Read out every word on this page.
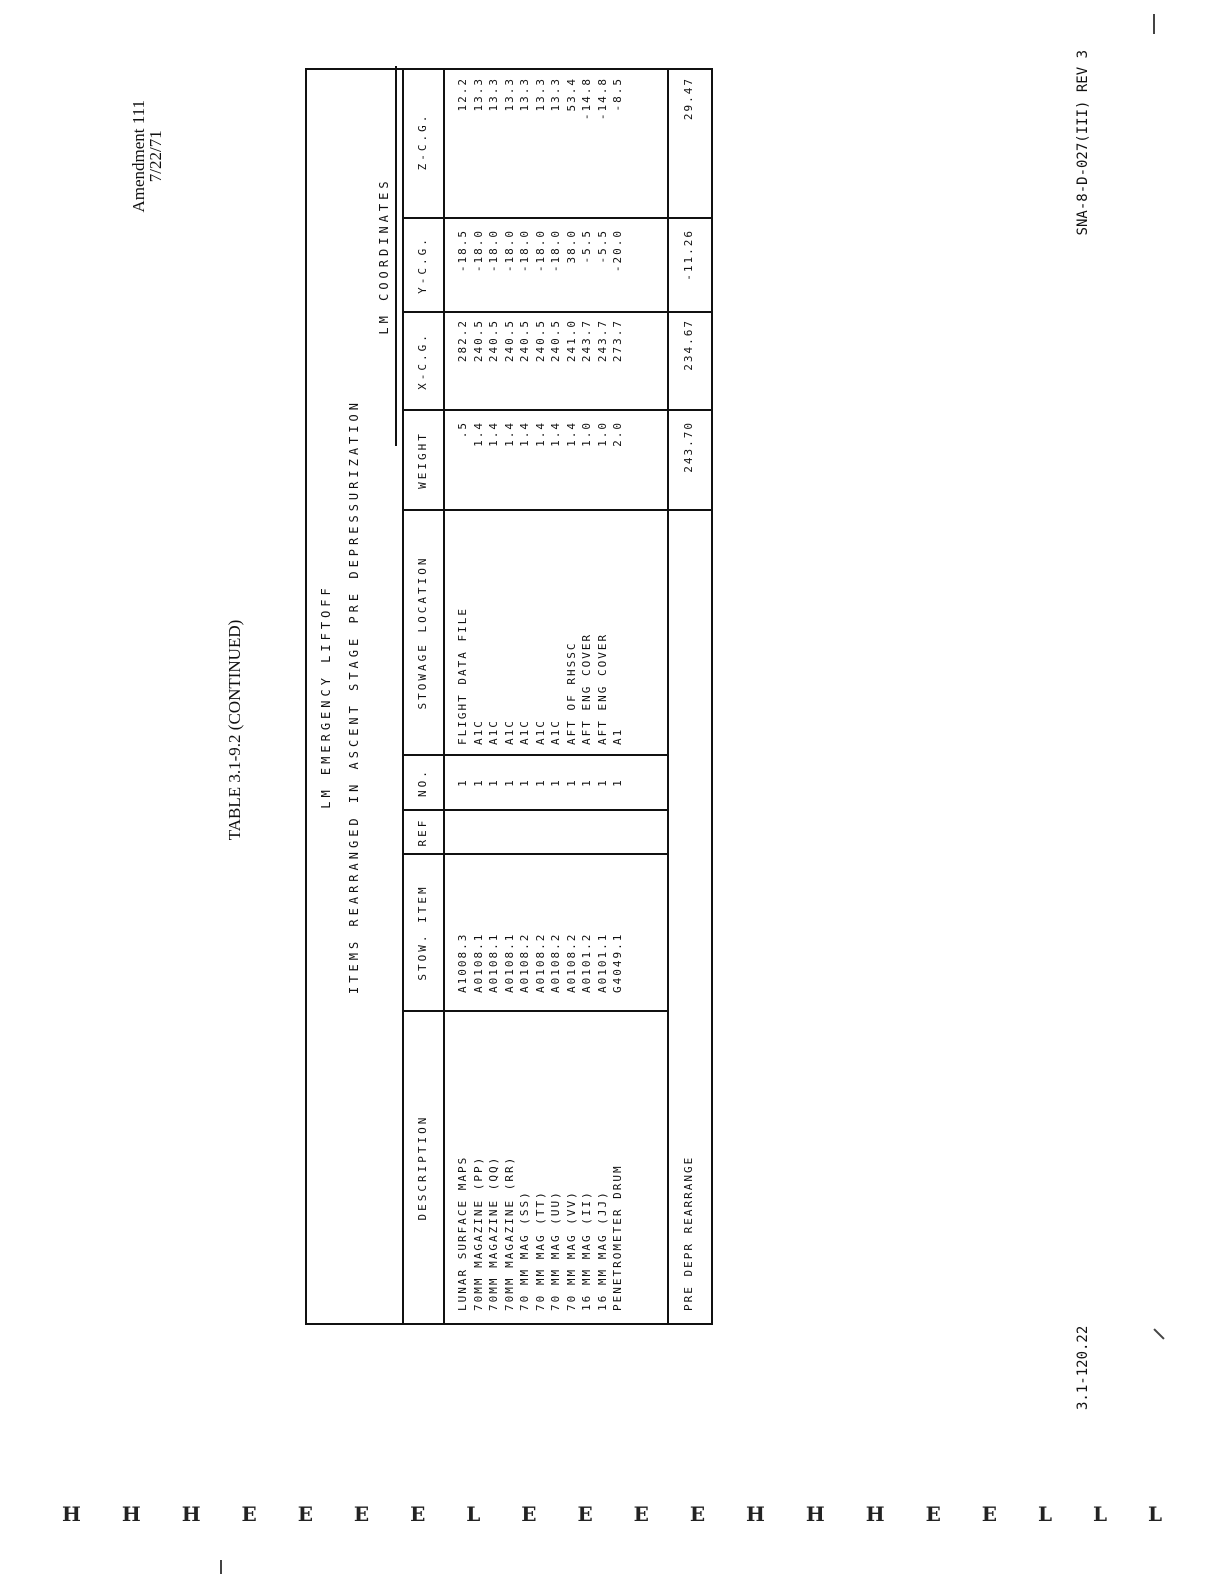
Amendment 111
7/22/71
TABLE 3.1-9.2 (CONTINUED)	LM EMERGENCY LIFTOFF ITEMS REARRANGED IN ASCENT STAGE PRE DEPRESSURIZATION
LM COORDINATES
DESCRIPTION
STOW. ITEM
REF
NO.
STOWAGE LOCATION
WEIGHT
X-C.G.
Y-C.G.
Z-C.G.
LUNAR SURFACE MAPS 70MM MAGAZINE (PP) 70MM MAGAZINE (QQ) 70MM MAGAZINE (RR) 70 MM MAG (SS) 70 MM MAG (TT) 70 MM MAG (UU) 70 MM MAG (VV) 16 MM MAG (II) 16 MM MAG (JJ) PENETROMETER DRUM
A1008.3 A0108.1 A0108.1 A0108.1 A0108.2 A0108.2 A0108.2 A0108.2 A0101.2 A0101.1 G4049.1
1 1 1 1 1 1 1 1 1 1 1
FLIGHT DATA FILE A1C A1C A1C A1C A1C A1C AFT OF RHSSC AFT ENG COVER AFT ENG COVER A1
.5 1.4 1.4 1.4 1.4 1.4 1.4 1.4 1.0 1.0 2.0
282.2 240.5 240.5 240.5 240.5 240.5 240.5 241.0 243.7 243.7 273.7
-18.5 -18.0 -18.0 -18.0 -18.0 -18.0 -18.0 38.0 -5.5 -5.5 -20.0
12.2 13.3 13.3 13.3 13.3 13.3 13.3 53.4 -14.8 -14.8 -8.5
PRE DEPR REARRANGE
243.70
234.67
-11.26
29.47
3.1-120.22
SNA-8-D-027(III) REV 3
H H H E E E E L E E E E H H H E E L L L
